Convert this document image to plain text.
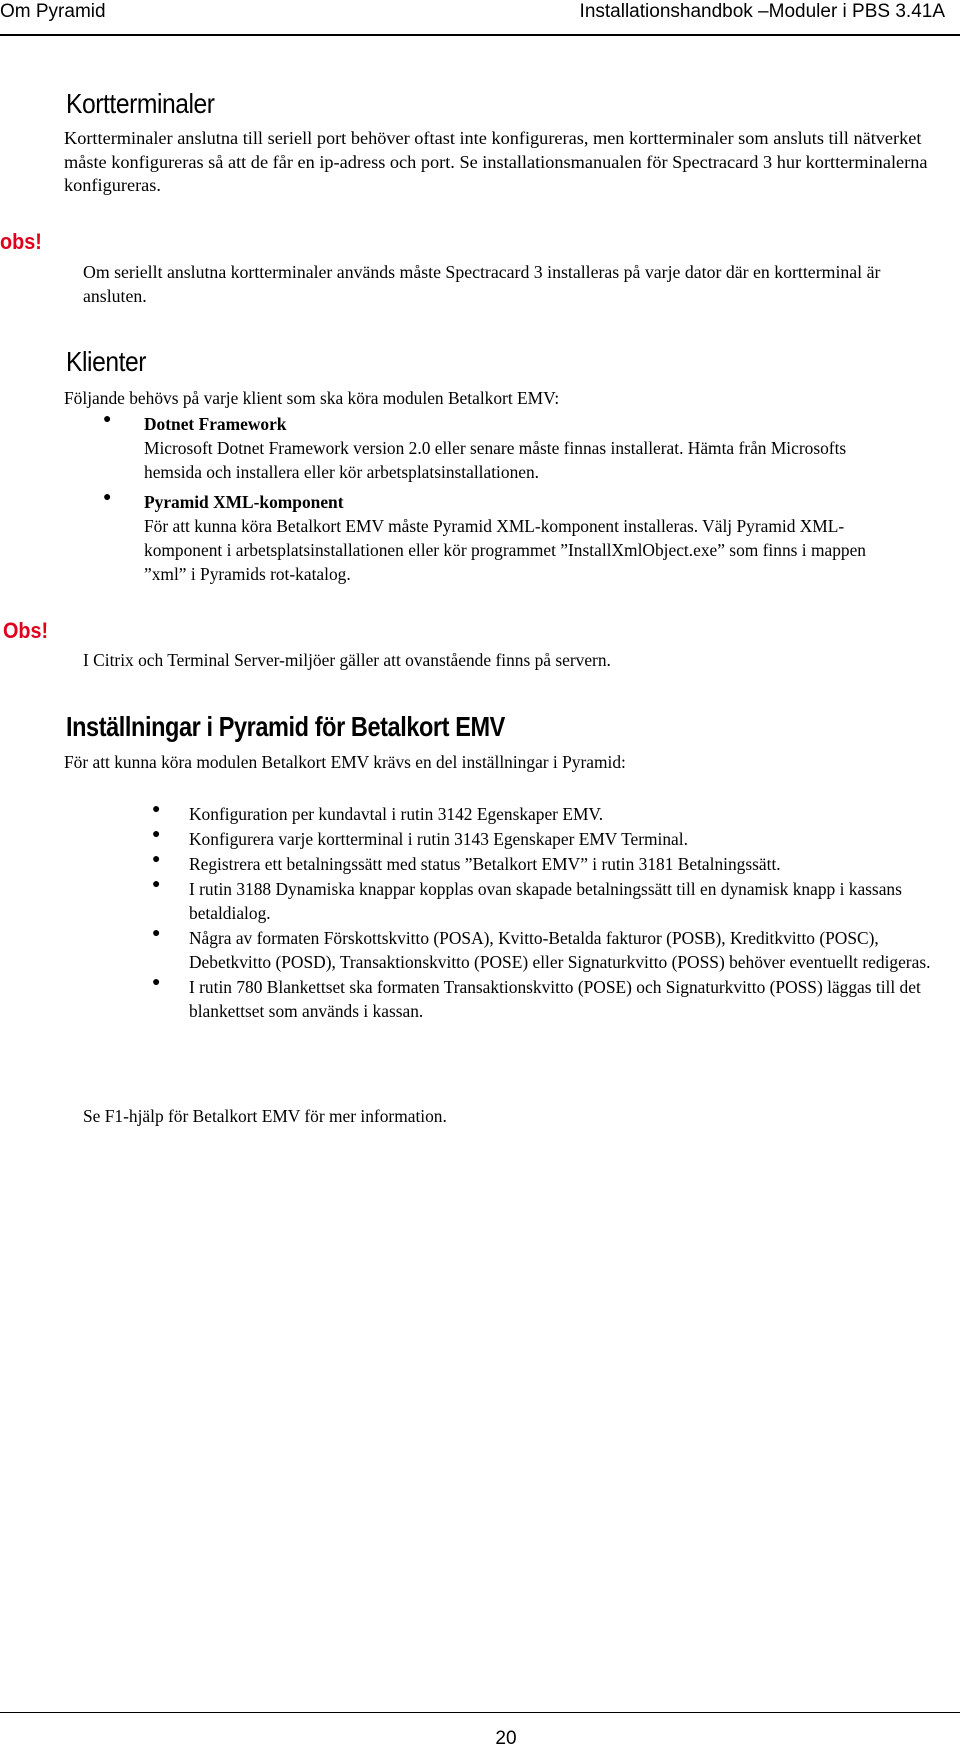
Om Pyramid	Installationshandbok –Moduler i PBS 3.41A
Kortterminaler

Kortterminaler anslutna till seriell port behöver oftast inte konfigureras, men kortterminaler som ansluts till nätverket måste konfigureras så att de får en ip-adress och port. Se installationsmanualen för Spectracard 3 hur kortterminalerna konfigureras.

obs!

Om seriellt anslutna kortterminaler används måste Spectracard 3 installeras på varje dator där en kortterminal är ansluten.

Klienter

Följande behövs på varje klient som ska köra modulen Betalkort EMV:

● Dotnet Framework
Microsoft Dotnet Framework version 2.0 eller senare måste finnas installerat. Hämta från Microsofts hemsida och installera eller kör arbetsplatsinstallationen.
● Pyramid XML-komponent
För att kunna köra Betalkort EMV måste Pyramid XML-komponent installeras. Välj Pyramid XML-komponent i arbetsplatsinstallationen eller kör programmet ”InstallXmlObject.exe” som finns i mappen ”xml” i Pyramids rot-katalog.
Obs!

I Citrix och Terminal Server-miljöer gäller att ovanstående finns på servern.

Inställningar i Pyramid för Betalkort EMV

För att kunna köra modulen Betalkort EMV krävs en del inställningar i Pyramid:

● Konfiguration per kundavtal i rutin 3142 Egenskaper EMV.
● Konfigurera varje kortterminal i rutin 3143 Egenskaper EMV Terminal.
● Registrera ett betalningssätt med status ”Betalkort EMV” i rutin 3181 Betalningssätt.
● I rutin 3188 Dynamiska knappar kopplas ovan skapade betalningssätt till en dynamisk knapp i kassans betaldialog.
● Några av formaten Förskottskvitto (POSA), Kvitto-Betalda fakturor (POSB), Kreditkvitto (POSC), Debetkvitto (POSD), Transaktionskvitto (POSE) eller Signaturkvitto (POSS) behöver eventuellt redigeras.
● I rutin 780 Blankettset ska formaten Transaktionskvitto (POSE) och Signaturkvitto (POSS) läggas till det blankettset som används i kassan.

Se F1-hjälp för Betalkort EMV för mer information.

20
